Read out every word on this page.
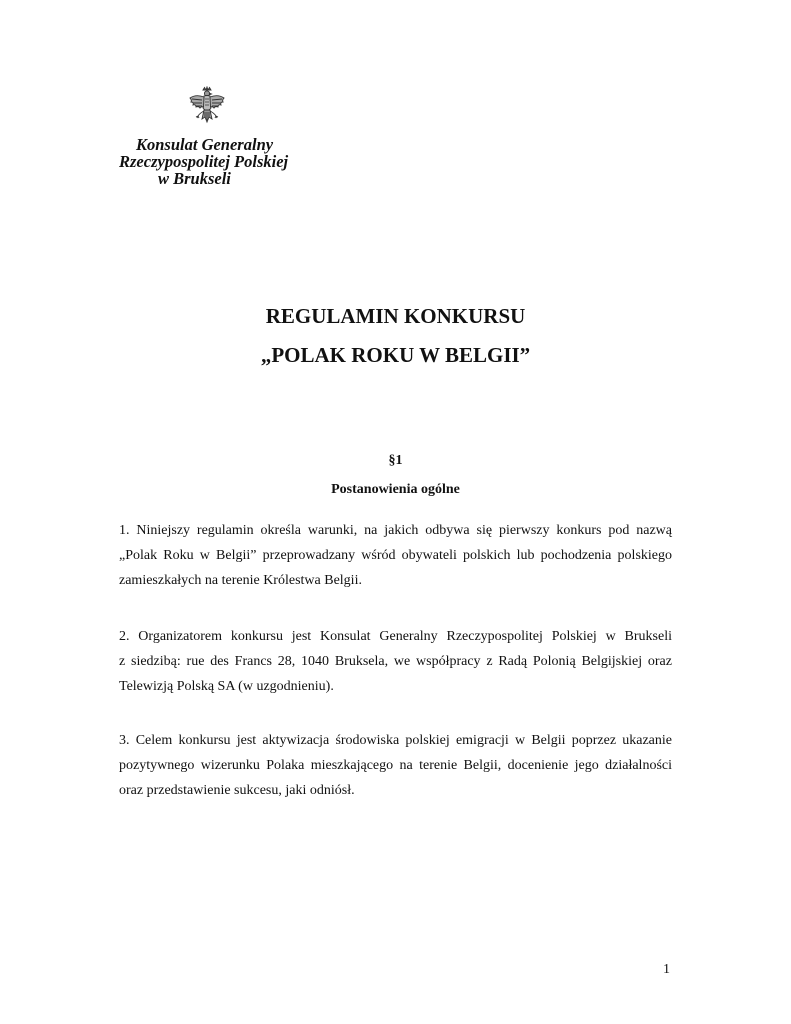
Konsulat Generalny
Rzeczypospolitej Polskiej
w Brukseli
REGULAMIN KONKURSU
„POLAK ROKU W BELGII”
§1
Postanowienia ogólne
1. Niniejszy regulamin określa warunki, na jakich odbywa się pierwszy konkurs pod nazwą
„Polak Roku w Belgii” przeprowadzany wśród obywateli polskich lub pochodzenia polskiego
zamieszkałych na terenie Królestwa Belgii.
2. Organizatorem konkursu jest Konsulat Generalny Rzeczypospolitej Polskiej w Brukseli
z siedzibą: rue des Francs 28, 1040 Bruksela, we współpracy z Radą Polonią Belgijskiej oraz
Telewizją Polską SA (w uzgodnieniu).
3. Celem konkursu jest aktywizacja środowiska polskiej emigracji w Belgii poprzez ukazanie
pozytywnego wizerunku Polaka mieszkającego na terenie Belgii, docenienie jego działalności
oraz przedstawienie sukcesu, jaki odniósł.
1
